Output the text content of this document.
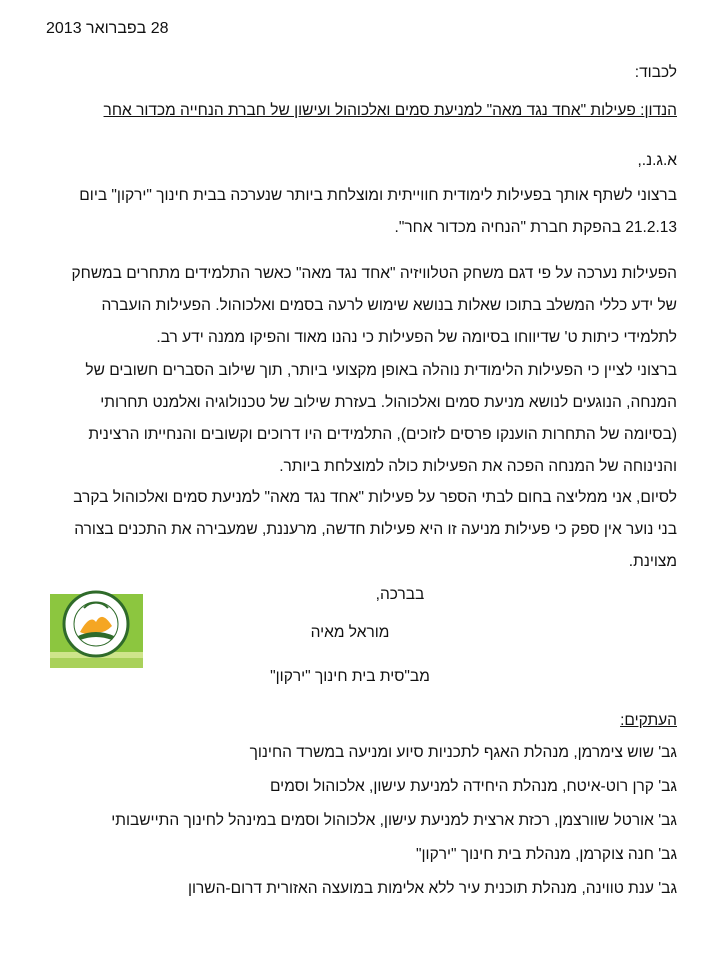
28 בפברואר 2013
לכבוד:
הנדון: פעילות "אחד נגד מאה" למניעת סמים ואלכוהול ועישון של חברת הנחייה מכדור אחר
א.ג.נ.,
ברצוני לשתף אותך בפעילות לימודית חווייתית ומוצלחת ביותר שנערכה בבית חינוך "ירקון" ביום 21.2.13 בהפקת חברת "הנחיה מכדור אחר".
הפעילות נערכה על פי דגם משחק הטלוויזיה "אחד נגד מאה" כאשר התלמידים מתחרים במשחק של ידע כללי המשלב בתוכו שאלות בנושא שימוש לרעה בסמים ואלכוהול. הפעילות הועברה לתלמידי כיתות ט' שדיווחו בסיומה של הפעילות כי נהנו מאוד והפיקו ממנה ידע רב.
ברצוני לציין כי הפעילות הלימודית נוהלה באופן מקצועי ביותר, תוך שילוב הסברים חשובים של המנחה, הנוגעים לנושא מניעת סמים ואלכוהול. בעזרת שילוב של טכנולוגיה ואלמנט תחרותי (בסיומה של התחרות הוענקו פרסים לזוכים), התלמידים היו דרוכים וקשובים והנחייתו הרצינית והנינוחה של המנחה הפכה את הפעילות כולה למוצלחת ביותר.
לסיום, אני ממליצה בחום לבתי הספר על פעילות "אחד נגד מאה" למניעת סמים ואלכוהול בקרב בני נוער אין ספק כי פעילות מניעה זו היא פעילות חדשה, מרעננת, שמעבירה את התכנים בצורה מצוינת.
בברכה,
מוראל מאיה
מב"סית בית חינוך "ירקון"
העתקים:
גב' שוש צימרמן, מנהלת האגף לתכניות סיוע ומניעה במשרד החינוך
גב' קרן רוט-איטח, מנהלת היחידה למניעת עישון, אלכוהול וסמים
גב' אורטל שוורצמן, רכזת ארצית למניעת עישון, אלכוהול וסמים במינהל לחינוך התיישבותי
גב' חנה צוקרמן, מנהלת בית חינוך "ירקון"
גב' ענת טווינה, מנהלת תוכנית עיר ללא אלימות במועצה האזורית דרום-השרון
